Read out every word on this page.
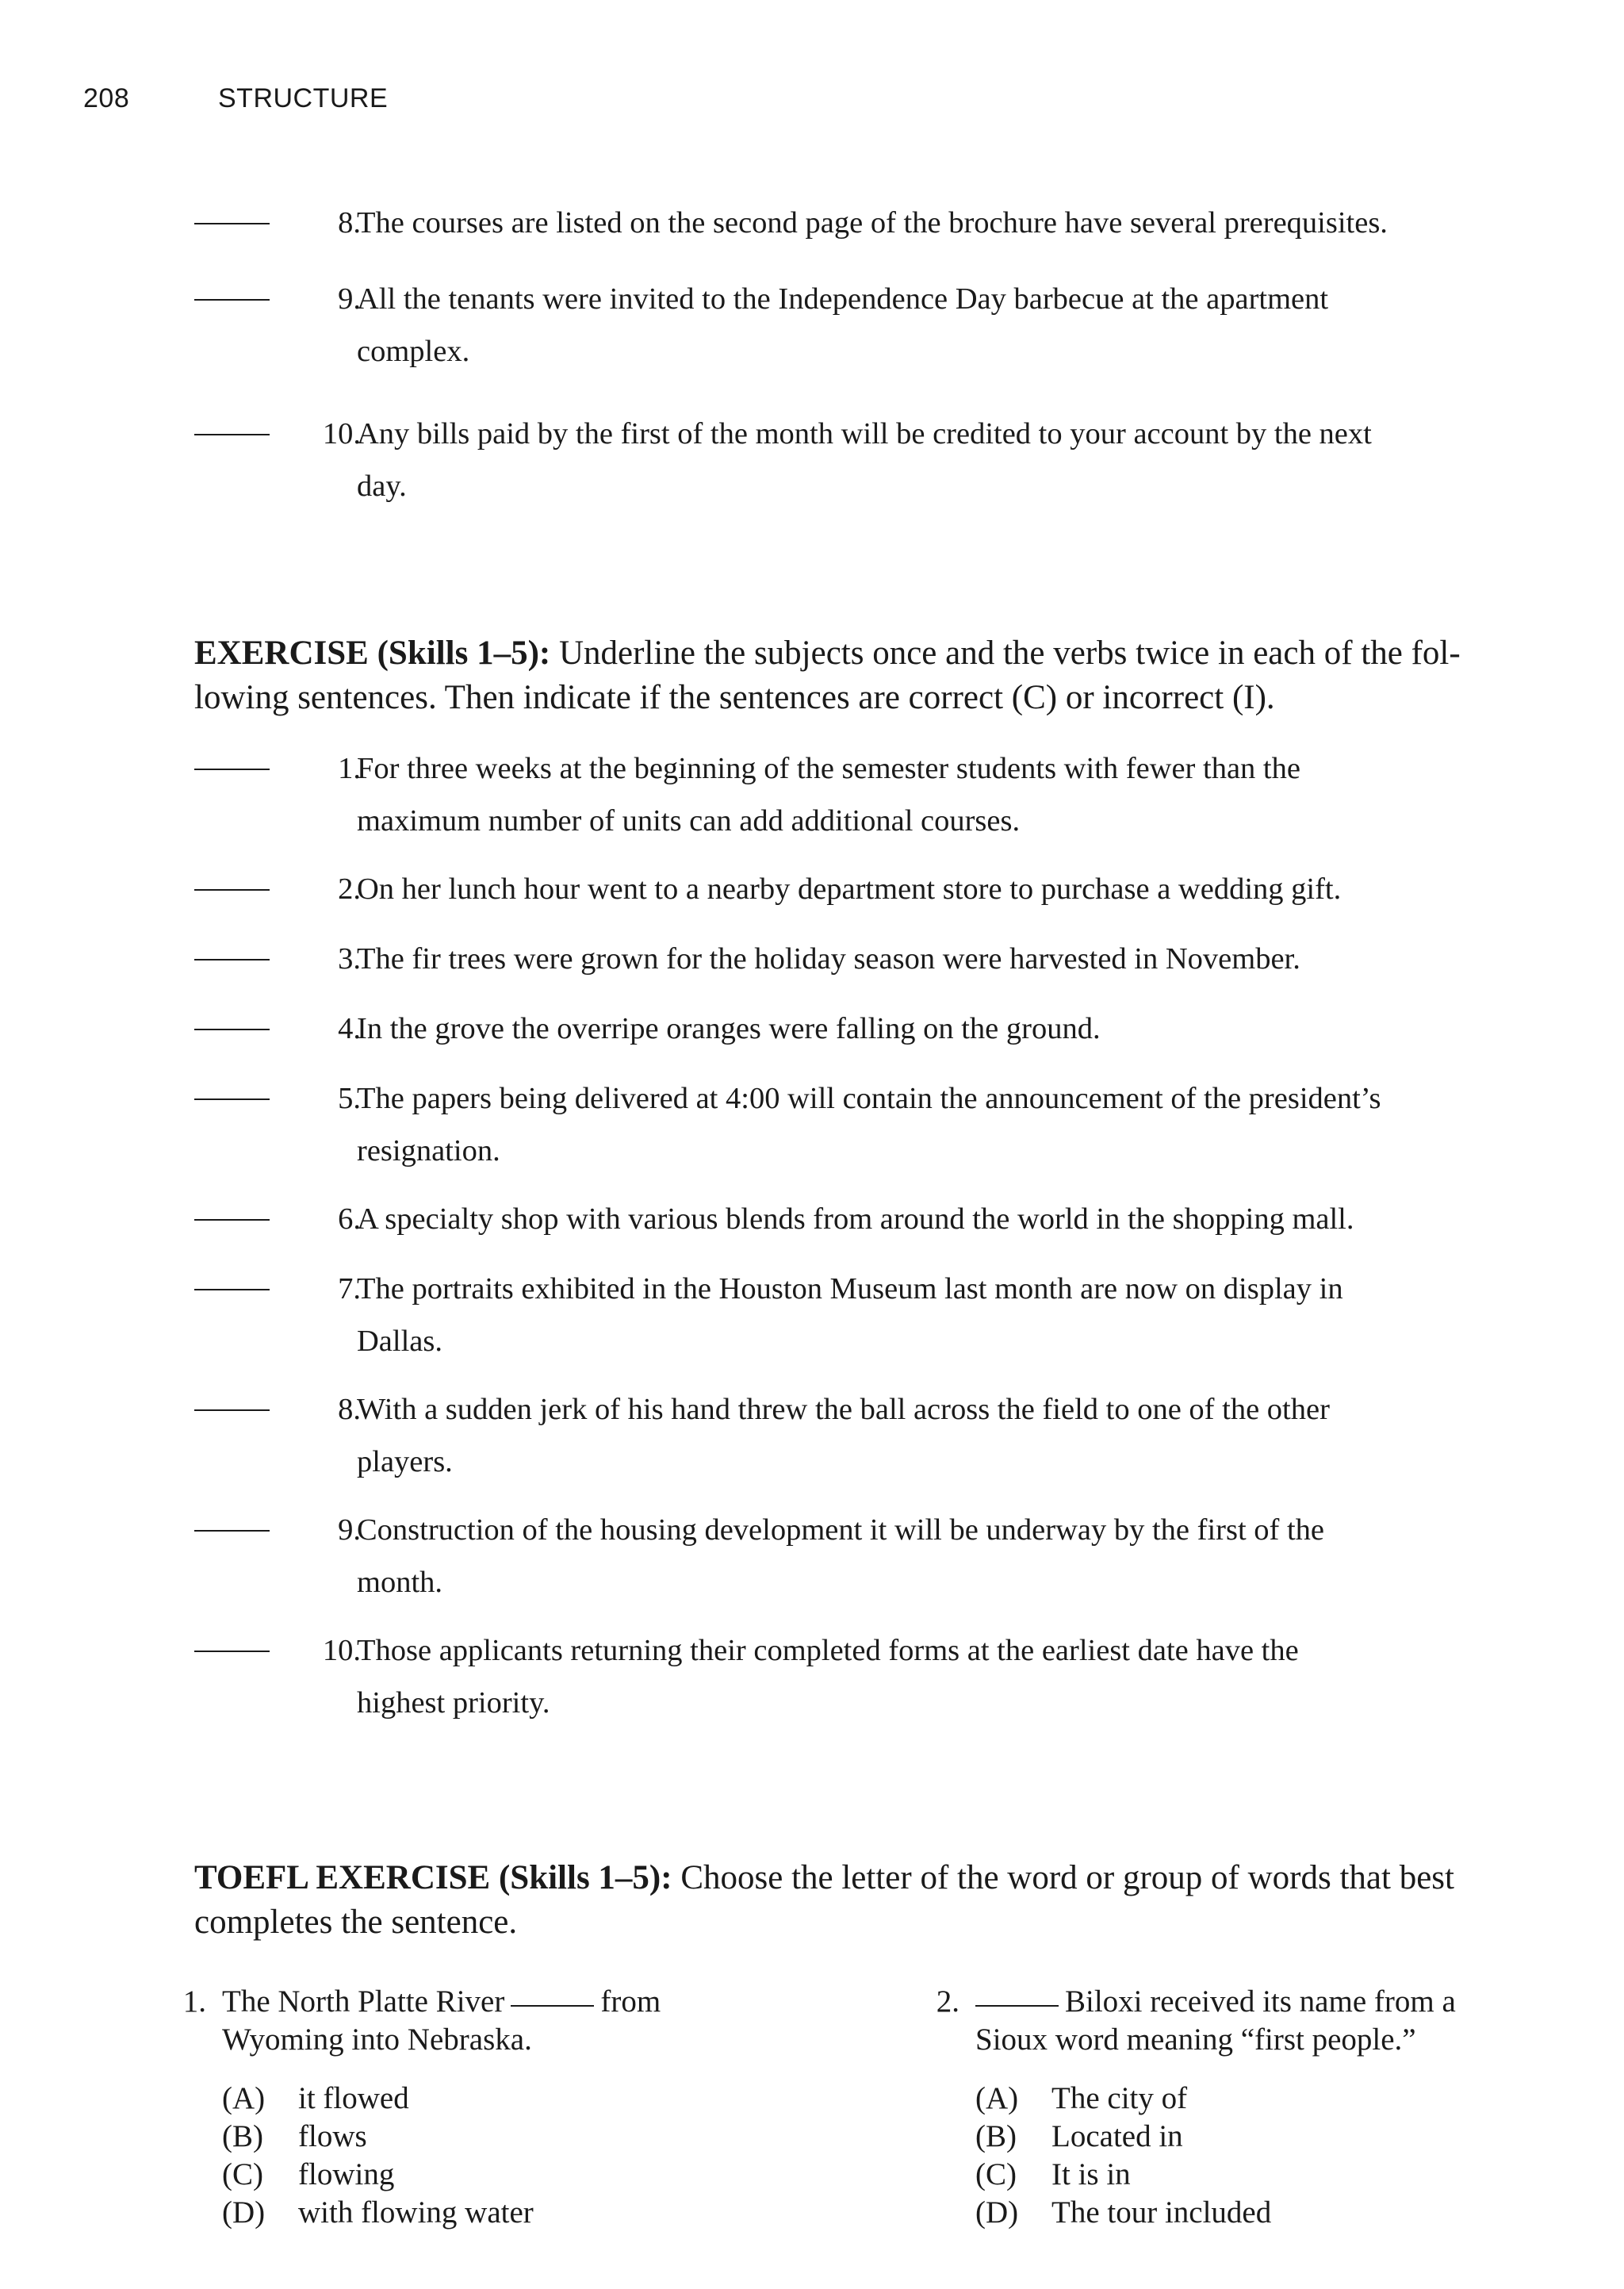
208	STRUCTURE
8.
The courses are listed on the second page of the brochure have several prerequisites.
9.
All the tenants were invited to the Independence Day barbecue at the apartment
complex.
10.
Any bills paid by the first of the month will be credited to your account by the next
day.
EXERCISE (Skills 1–5): Underline the subjects once and the verbs twice in each of the fol-
lowing sentences. Then indicate if the sentences are correct (C) or incorrect (I).
1.
For three weeks at the beginning of the semester students with fewer than the
maximum number of units can add additional courses.
2.
On her lunch hour went to a nearby department store to purchase a wedding gift.
3.
The fir trees were grown for the holiday season were harvested in November.
4.
In the grove the overripe oranges were falling on the ground.
5.
The papers being delivered at 4:00 will contain the announcement of the president’s
resignation.
6.
A specialty shop with various blends from around the world in the shopping mall.
7.
The portraits exhibited in the Houston Museum last month are now on display in
Dallas.
8.
With a sudden jerk of his hand threw the ball across the field to one of the other
players.
9.
Construction of the housing development it will be underway by the first of the
month.
10.
Those applicants returning their completed forms at the earliest date have the
highest priority.
TOEFL EXERCISE (Skills 1–5): Choose the letter of the word or group of words that best
completes the sentence.
1. The North Platte River	from
Wyoming into Nebraska.
(A) it flowed
(B) flows
(C) flowing
(D) with flowing water
2.	Biloxi received its name from a
Sioux word meaning “first people.”
(A) The city of
(B) Located in
(C) It is in
(D) The tour included
